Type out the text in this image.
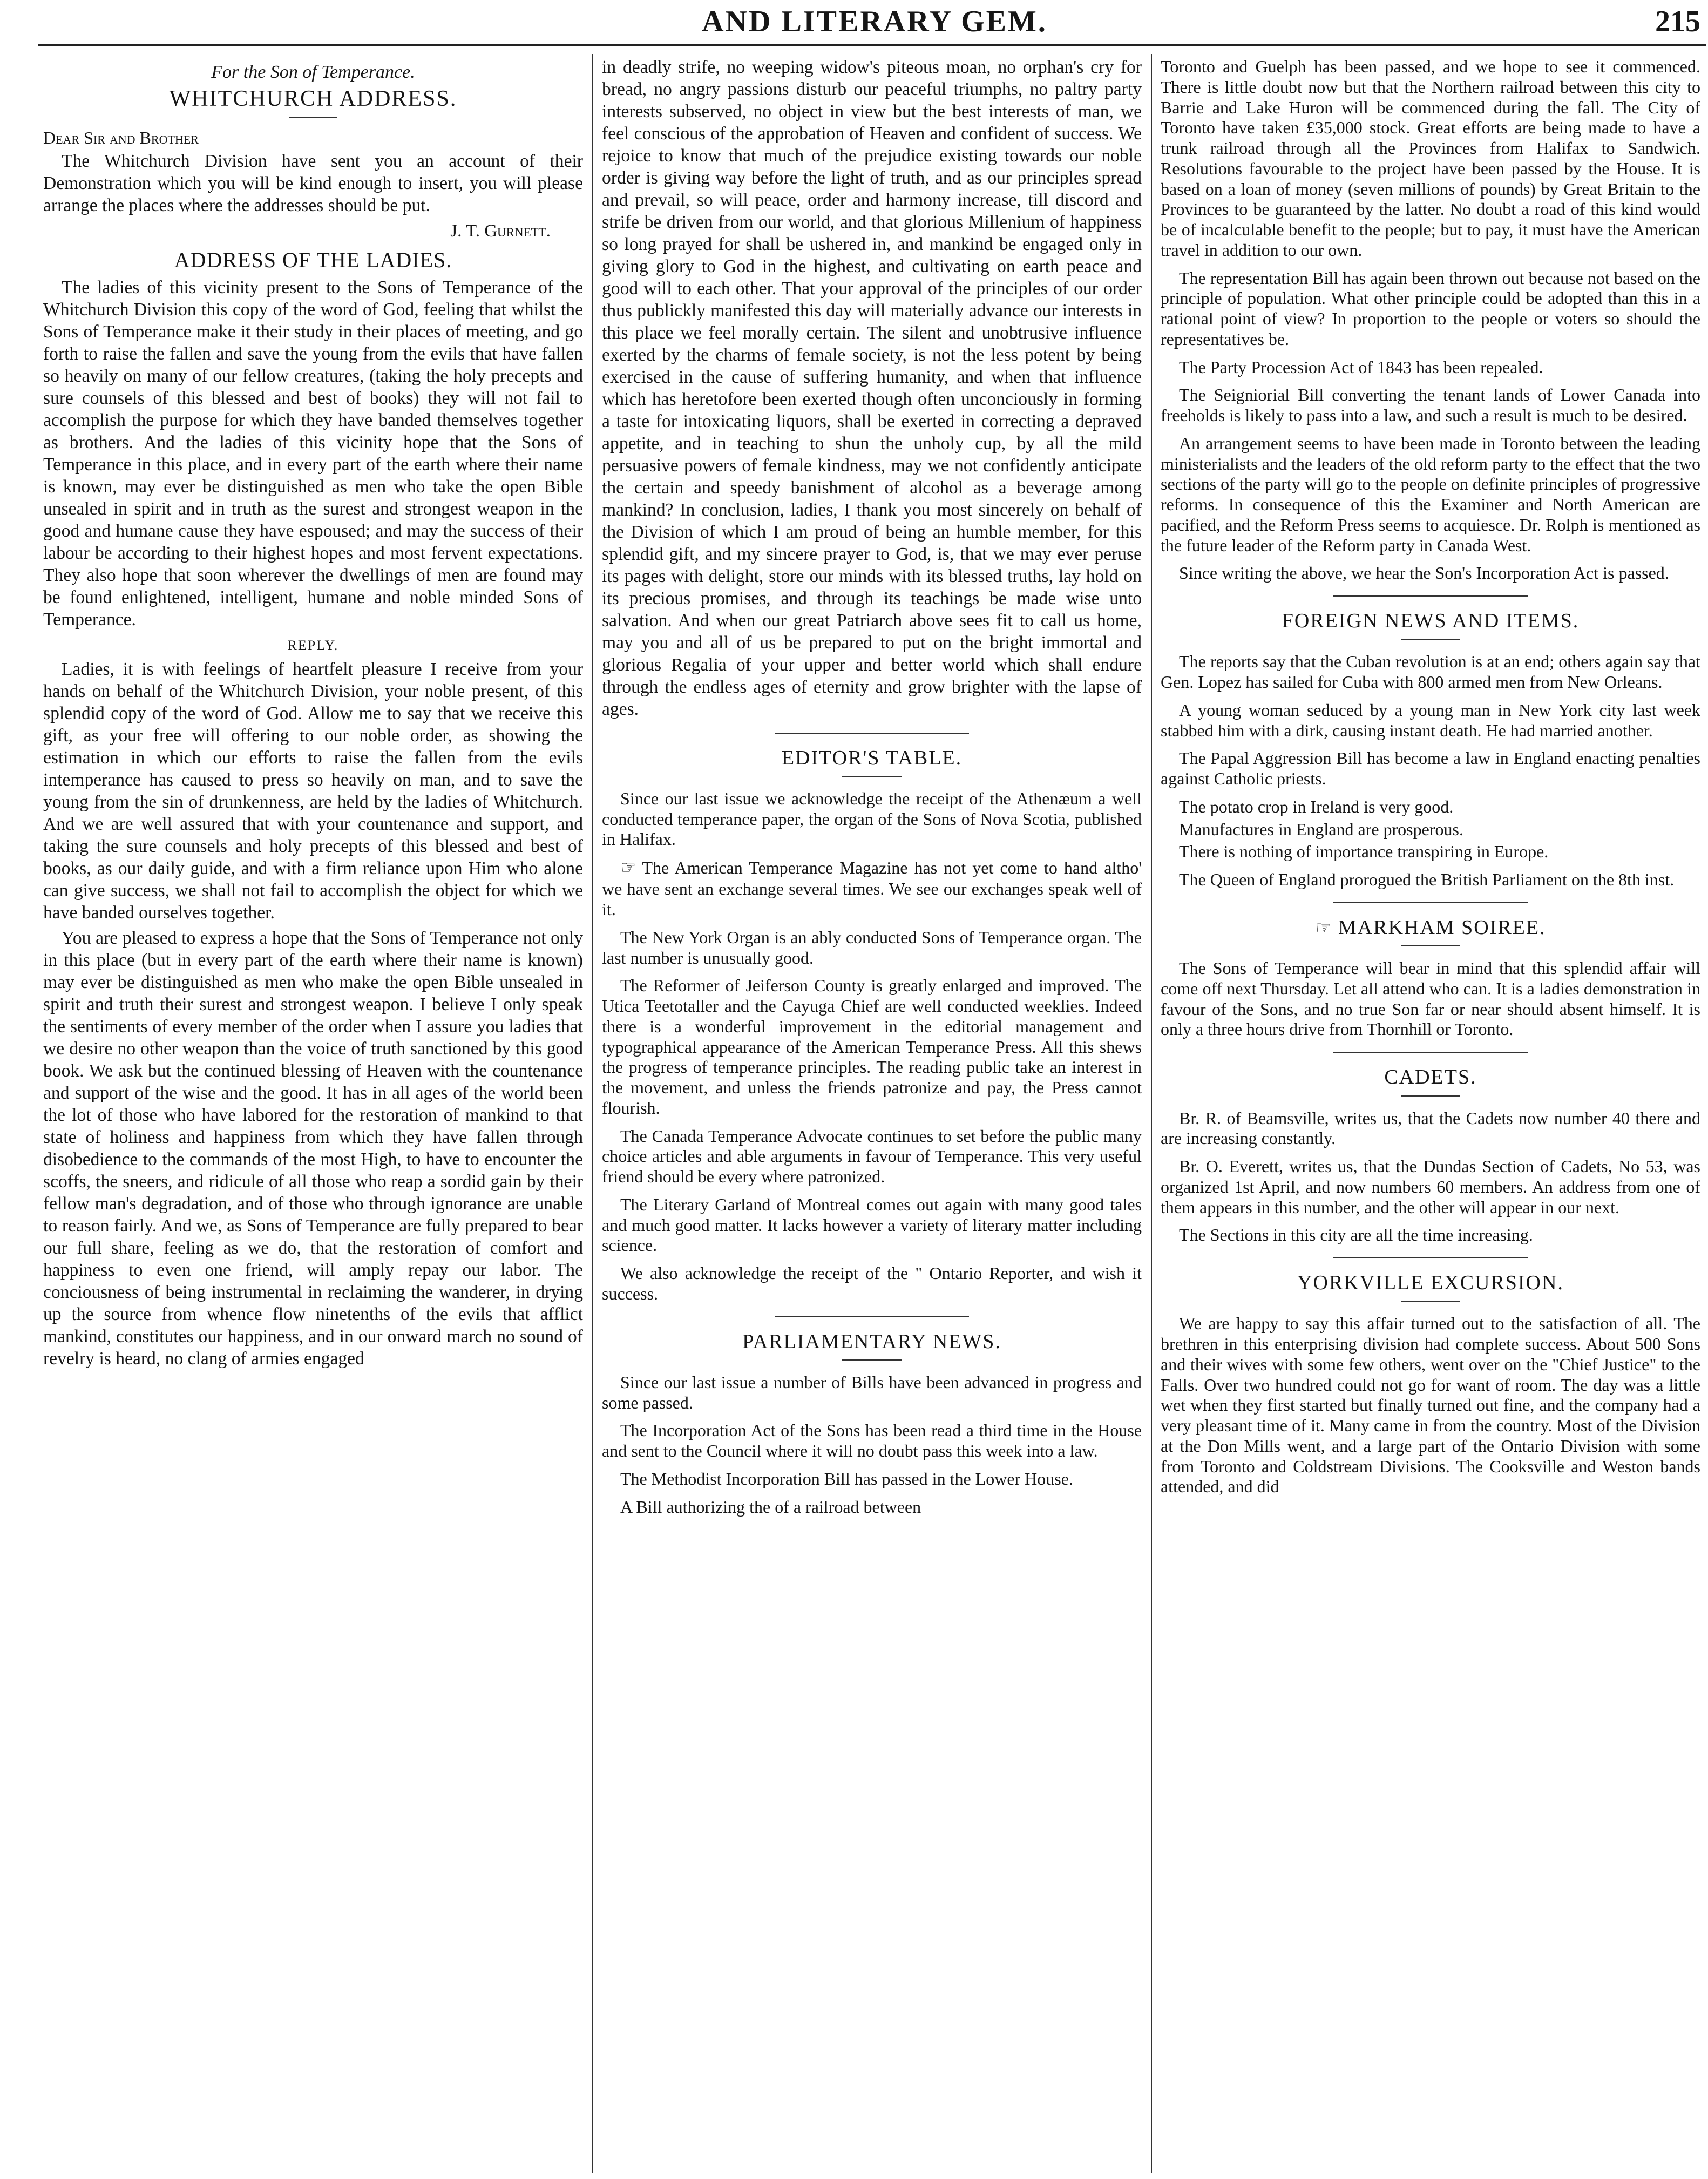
AND LITERARY GEM.	215

For the Son of Temperance.

WHITCHURCH ADDRESS.

Dear Sir and Brother

The Whitchurch Division have sent you an account of their Demonstration which you will be kind enough to insert, you will please arrange the places where the addresses should be put.

J. T. Gurnett.

ADDRESS OF THE LADIES.

The ladies of this vicinity present to the Sons of Temperance of the Whitchurch Division this copy of the word of God, feeling that whilst the Sons of Temperance make it their study in their places of meeting, and go forth to raise the fallen and save the young from the evils that have fallen so heavily on many of our fellow creatures, (taking the holy precepts and sure counsels of this blessed and best of books) they will not fail to accomplish the purpose for which they have banded themselves together as brothers. And the ladies of this vicinity hope that the Sons of Temperance in this place, and in every part of the earth where their name is known, may ever be distinguished as men who take the open Bible unsealed in spirit and in truth as the surest and strongest weapon in the good and humane cause they have espoused; and may the success of their labour be according to their highest hopes and most fervent expectations. They also hope that soon wherever the dwellings of men are found may be found enlightened, intelligent, humane and noble minded Sons of Temperance.

REPLY.

Ladies, it is with feelings of heartfelt pleasure I receive from your hands on behalf of the Whitchurch Division, your noble present, of this splendid copy of the word of God. Allow me to say that we receive this gift, as your free will offering to our noble order, as showing the estimation in which our efforts to raise the fallen from the evils intemperance has caused to press so heavily on man, and to save the young from the sin of drunkenness, are held by the ladies of Whitchurch. And we are well assured that with your countenance and support, and taking the sure counsels and holy precepts of this blessed and best of books, as our daily guide, and with a firm reliance upon Him who alone can give success, we shall not fail to accomplish the object for which we have banded ourselves together.

You are pleased to express a hope that the Sons of Temperance not only in this place (but in every part of the earth where their name is known) may ever be distinguished as men who make the open Bible unsealed in spirit and truth their surest and strongest weapon. I believe I only speak the sentiments of every member of the order when I assure you ladies that we desire no other weapon than the voice of truth sanctioned by this good book. We ask but the continued blessing of Heaven with the countenance and support of the wise and the good. It has in all ages of the world been the lot of those who have labored for the restoration of mankind to that state of holiness and happiness from which they have fallen through disobedience to the commands of the most High, to have to encounter the scoffs, the sneers, and ridicule of all those who reap a sordid gain by their fellow man's degradation, and of those who through ignorance are unable to reason fairly. And we, as Sons of Temperance are fully prepared to bear our full share, feeling as we do, that the restoration of comfort and happiness to even one friend, will amply repay our labor. The conciousness of being instrumental in reclaiming the wanderer, in drying up the source from whence flow ninetenths of the evils that afflict mankind, constitutes our happiness, and in our onward march no sound of revelry is heard, no clang of armies engaged

in deadly strife, no weeping widow's piteous moan, no orphan's cry for bread, no angry passions disturb our peaceful triumphs, no paltry party interests subserved, no object in view but the best interests of man, we feel conscious of the approbation of Heaven and confident of success. We rejoice to know that much of the prejudice existing towards our noble order is giving way before the light of truth, and as our principles spread and prevail, so will peace, order and harmony increase, till discord and strife be driven from our world, and that glorious Millenium of happiness so long prayed for shall be ushered in, and mankind be engaged only in giving glory to God in the highest, and cultivating on earth peace and good will to each other. That your approval of the principles of our order thus publickly manifested this day will materially advance our interests in this place we feel morally certain. The silent and unobtrusive influence exerted by the charms of female society, is not the less potent by being exercised in the cause of suffering humanity, and when that influence which has heretofore been exerted though often unconciously in forming a taste for intoxicating liquors, shall be exerted in correcting a depraved appetite, and in teaching to shun the unholy cup, by all the mild persuasive powers of female kindness, may we not confidently anticipate the certain and speedy banishment of alcohol as a beverage among mankind? In conclusion, ladies, I thank you most sincerely on behalf of the Division of which I am proud of being an humble member, for this splendid gift, and my sincere prayer to God, is, that we may ever peruse its pages with delight, store our minds with its blessed truths, lay hold on its precious promises, and through its teachings be made wise unto salvation. And when our great Patriarch above sees fit to call us home, may you and all of us be prepared to put on the bright immortal and glorious Regalia of your upper and better world which shall endure through the endless ages of eternity and grow brighter with the lapse of ages.

EDITOR'S TABLE.

Since our last issue we acknowledge the receipt of the Athenæum a well conducted temperance paper, the organ of the Sons of Nova Scotia, published in Halifax.

☞ The American Temperance Magazine has not yet come to hand altho' we have sent an exchange several times. We see our exchanges speak well of it.

The New York Organ is an ably conducted Sons of Temperance organ. The last number is unusually good.

The Reformer of Jeiferson County is greatly enlarged and improved. The Utica Teetotaller and the Cayuga Chief are well conducted weeklies. Indeed there is a wonderful improvement in the editorial management and typographical appearance of the American Temperance Press. All this shews the progress of temperance principles. The reading public take an interest in the movement, and unless the friends patronize and pay, the Press cannot flourish.

The Canada Temperance Advocate continues to set before the public many choice articles and able arguments in favour of Temperance. This very useful friend should be every where patronized.

The Literary Garland of Montreal comes out again with many good tales and much good matter. It lacks however a variety of literary matter including science.

We also acknowledge the receipt of the " Ontario Reporter, and wish it success.

PARLIAMENTARY NEWS.

Since our last issue a number of Bills have been advanced in progress and some passed.

The Incorporation Act of the Sons has been read a third time in the House and sent to the Council where it will no doubt pass this week into a law.

The Methodist Incorporation Bill has passed in the Lower House.

A Bill authorizing the of a railroad between

Toronto and Guelph has been passed, and we hope to see it commenced. There is little doubt now but that the Northern railroad between this city to Barrie and Lake Huron will be commenced during the fall. The City of Toronto have taken £35,000 stock. Great efforts are being made to have a trunk railroad through all the Provinces from Halifax to Sandwich. Resolutions favourable to the project have been passed by the House. It is based on a loan of money (seven millions of pounds) by Great Britain to the Provinces to be guaranteed by the latter. No doubt a road of this kind would be of incalculable benefit to the people; but to pay, it must have the American travel in addition to our own.

The representation Bill has again been thrown out because not based on the principle of population. What other principle could be adopted than this in a rational point of view? In proportion to the people or voters so should the representatives be.

The Party Procession Act of 1843 has been repealed.

The Seigniorial Bill converting the tenant lands of Lower Canada into freeholds is likely to pass into a law, and such a result is much to be desired.

An arrangement seems to have been made in Toronto between the leading ministerialists and the leaders of the old reform party to the effect that the two sections of the party will go to the people on definite principles of progressive reforms. In consequence of this the Examiner and North American are pacified, and the Reform Press seems to acquiesce. Dr. Rolph is mentioned as the future leader of the Reform party in Canada West.

Since writing the above, we hear the Son's Incorporation Act is passed.

FOREIGN NEWS AND ITEMS.

The reports say that the Cuban revolution is at an end; others again say that Gen. Lopez has sailed for Cuba with 800 armed men from New Orleans.

A young woman seduced by a young man in New York city last week stabbed him with a dirk, causing instant death. He had married another.

The Papal Aggression Bill has become a law in England enacting penalties against Catholic priests.

The potato crop in Ireland is very good.

Manufactures in England are prosperous.

There is nothing of importance transpiring in Europe.

The Queen of England prorogued the British Parliament on the 8th inst.

☞ MARKHAM SOIREE.

The Sons of Temperance will bear in mind that this splendid affair will come off next Thursday. Let all attend who can. It is a ladies demonstration in favour of the Sons, and no true Son far or near should absent himself. It is only a three hours drive from Thornhill or Toronto.

CADETS.

Br. R. of Beamsville, writes us, that the Cadets now number 40 there and are increasing constantly.

Br. O. Everett, writes us, that the Dundas Section of Cadets, No 53, was organized 1st April, and now numbers 60 members. An address from one of them appears in this number, and the other will appear in our next.

The Sections in this city are all the time increasing.

YORKVILLE EXCURSION.

We are happy to say this affair turned out to the satisfaction of all. The brethren in this enterprising division had complete success. About 500 Sons and their wives with some few others, went over on the "Chief Justice" to the Falls. Over two hundred could not go for want of room. The day was a little wet when they first started but finally turned out fine, and the company had a very pleasant time of it. Many came in from the country. Most of the Division at the Don Mills went, and a large part of the Ontario Division with some from Toronto and Coldstream Divisions. The Cooksville and Weston bands attended, and did
